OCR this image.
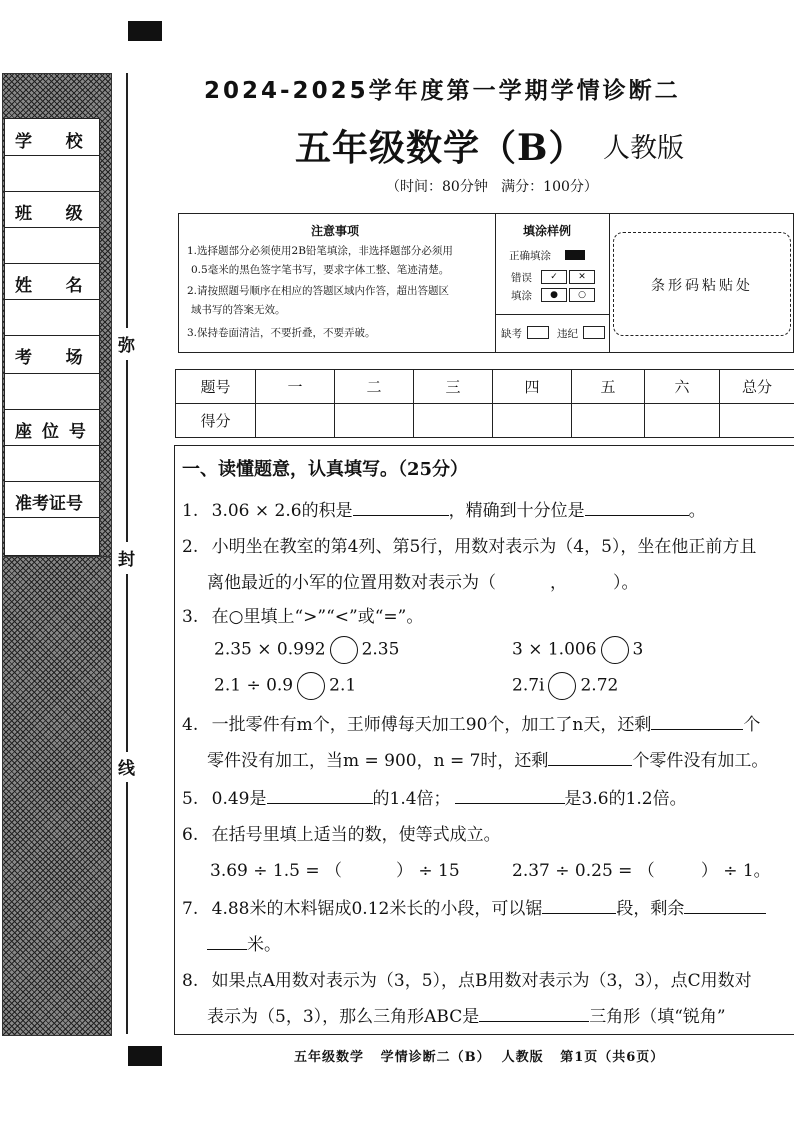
学    校
班    级
姓    名
考    场
座 位 号
准考证号
弥
封
线
2024-2025学年度第一学期学情诊断二
五年级数学（B） 人教版
（时间：80分钟   满分：100分）
注意事项
1.选择题部分必须使用2B铅笔填涂，非选择题部分必须用
0.5毫米的黑色签字笔书写，要求字体工整、笔迹清楚。
2.请按照题号顺序在相应的答题区域内作答，超出答题区
域书写的答案无效。
3.保持卷面清洁，不要折叠，不要弄破。
填涂样例
正确填涂
错误
填涂
✓	✕
●	○
缺考	违纪
条形码粘贴处
题号	一	二	三	四	五	六	总分
得分							
一、读懂题意，认真填写。（25分）
1. 3.06 × 2.6的积是	，精确到十分位是	。
2. 小明坐在教室的第4列、第5行，用数对表示为（4，5），坐在他正前方且
离他最近的小军的位置用数对表示为（	，	）。
3. 在○里填上“>”“<”或“=”。
2.35 × 0.992 2.35	3 × 1.006 3
2.1 ÷ 0.9 2.1	2.7i 2.72
4. 一批零件有m个，王师傅每天加工90个，加工了n天，还剩	个
零件没有加工，当m = 900，n = 7时，还剩	个零件没有加工。
5. 0.49是	的1.4倍；	是3.6的1.2倍。
6. 在括号里填上适当的数，使等式成立。
3.69 ÷ 1.5 = （	） ÷ 15	2.37 ÷ 0.25 = （	） ÷ 1。
7. 4.88米的木料锯成0.12米长的小段，可以锯	段，剩余
米。
8. 如果点A用数对表示为（3，5），点B用数对表示为（3，3），点C用数对
表示为（5，3），那么三角形ABC是	三角形（填“锐角”
五年级数学   学情诊断二（B）  人教版   第1页（共6页）
